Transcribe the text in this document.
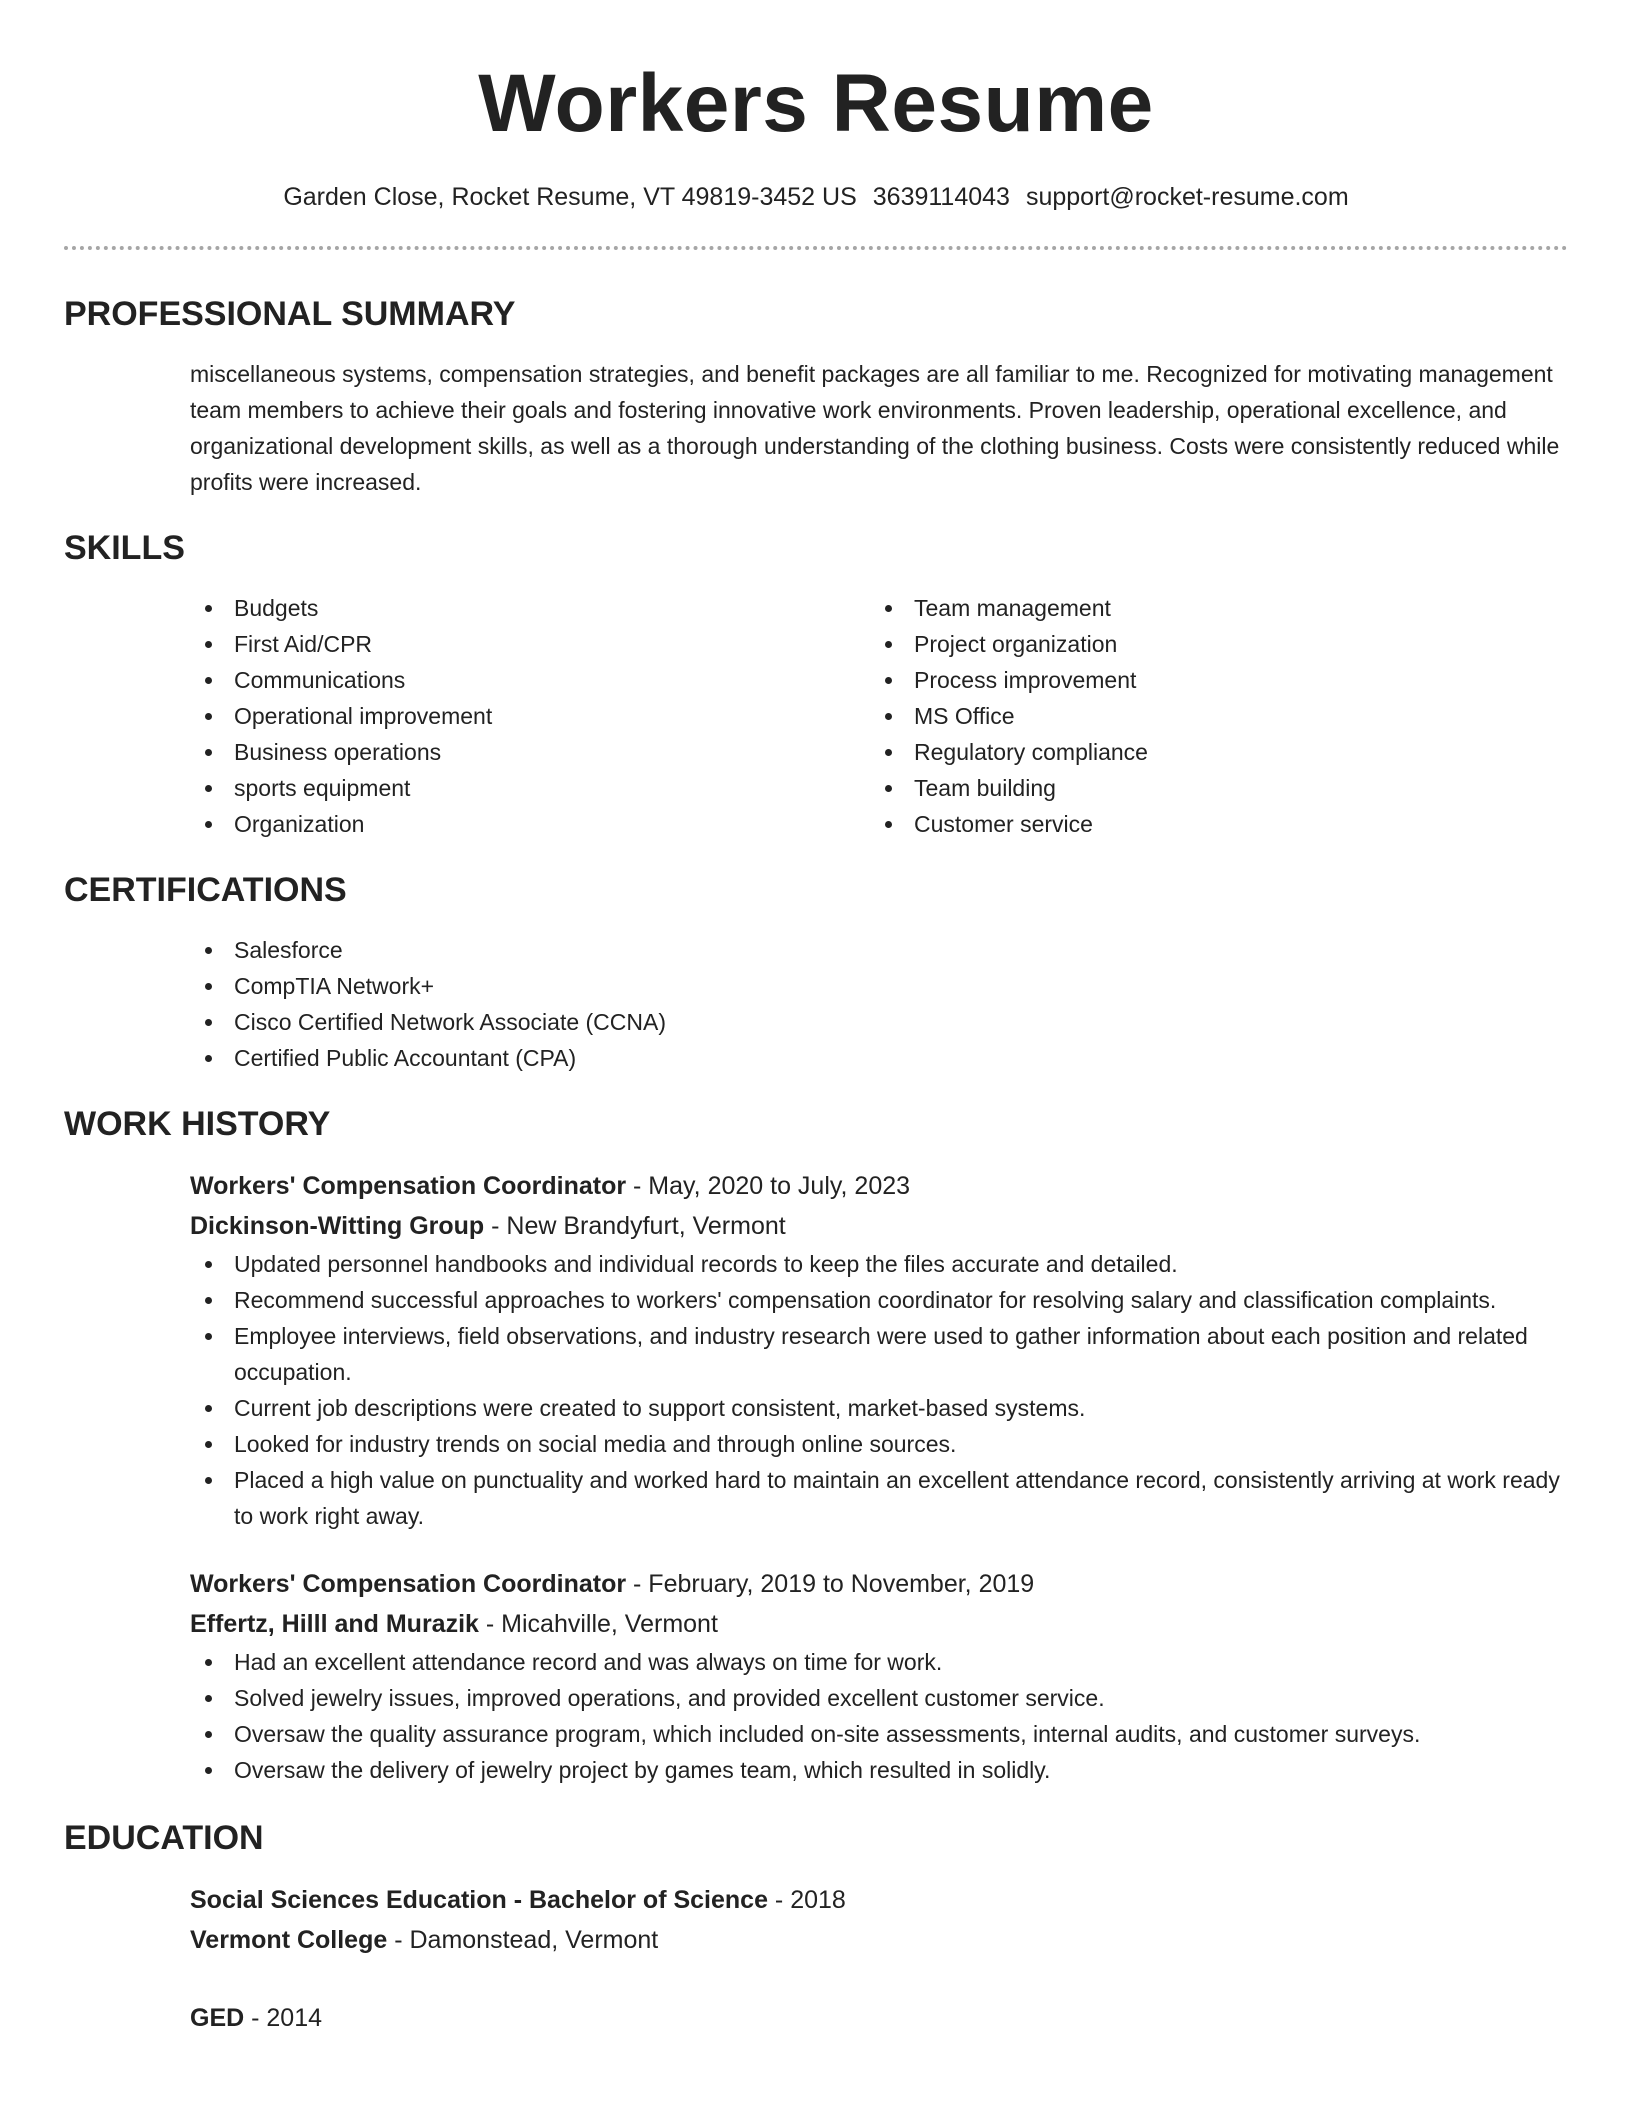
Workers Resume
Garden Close, Rocket Resume, VT 49819-3452 US 3639114043 support@rocket-resume.com
PROFESSIONAL SUMMARY

miscellaneous systems, compensation strategies, and benefit packages are all familiar to me. Recognized for motivating management team members to achieve their goals and fostering innovative work environments. Proven leadership, operational excellence, and organizational development skills, as well as a thorough understanding of the clothing business. Costs were consistently reduced while profits were increased.

SKILLS
Budgets
First Aid/CPR
Communications
Operational improvement
Business operations
sports equipment
Organization
Team management
Project organization
Process improvement
MS Office
Regulatory compliance
Team building
Customer service
CERTIFICATIONS
Salesforce
CompTIA Network+
Cisco Certified Network Associate (CCNA)
Certified Public Accountant (CPA)
WORK HISTORY
Workers' Compensation Coordinator - May, 2020 to July, 2023
Dickinson-Witting Group - New Brandyfurt, Vermont
Updated personnel handbooks and individual records to keep the files accurate and detailed.
Recommend successful approaches to workers' compensation coordinator for resolving salary and classification complaints.
Employee interviews, field observations, and industry research were used to gather information about each position and related occupation.
Current job descriptions were created to support consistent, market-based systems.
Looked for industry trends on social media and through online sources.
Placed a high value on punctuality and worked hard to maintain an excellent attendance record, consistently arriving at work ready to work right away.
Workers' Compensation Coordinator - February, 2019 to November, 2019
Effertz, Hilll and Murazik - Micahville, Vermont
Had an excellent attendance record and was always on time for work.
Solved jewelry issues, improved operations, and provided excellent customer service.
Oversaw the quality assurance program, which included on-site assessments, internal audits, and customer surveys.
Oversaw the delivery of jewelry project by games team, which resulted in solidly.
EDUCATION
Social Sciences Education - Bachelor of Science - 2018
Vermont College - Damonstead, Vermont
GED - 2014
